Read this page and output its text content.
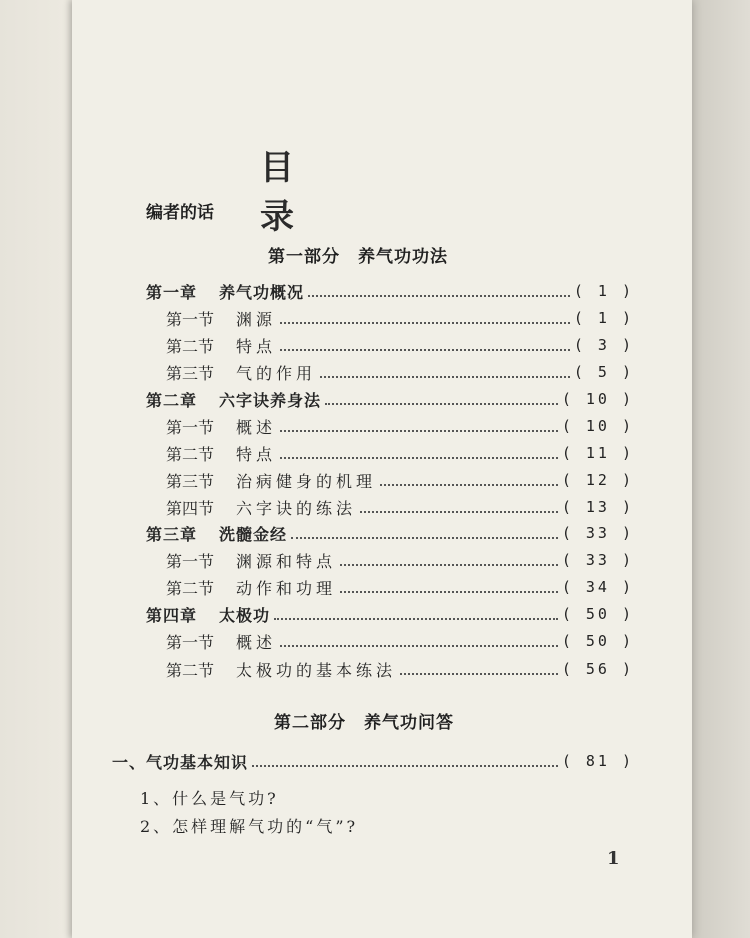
目 录
编者的话
第一部分 养气功功法
第一章 养气功概况	( 1 )
第一节 渊源	( 1 )
第二节 特点	( 3 )
第三节 气的作用	( 5 )
第二章 六字诀养身法	( 10 )
第一节 概述	( 10 )
第二节 特点	( 11 )
第三节 治病健身的机理	( 12 )
第四节 六字诀的练法	( 13 )
第三章 洗髓金经	( 33 )
第一节 渊源和特点	( 33 )
第二节 动作和功理	( 34 )
第四章 太极功	( 50 )
第一节 概述	( 50 )
第二节 太极功的基本练法	( 56 )
第二部分 养气功问答
一、 气功基本知识	( 81 )
1、什么是气功?
2、怎样理解气功的“气”?
1
